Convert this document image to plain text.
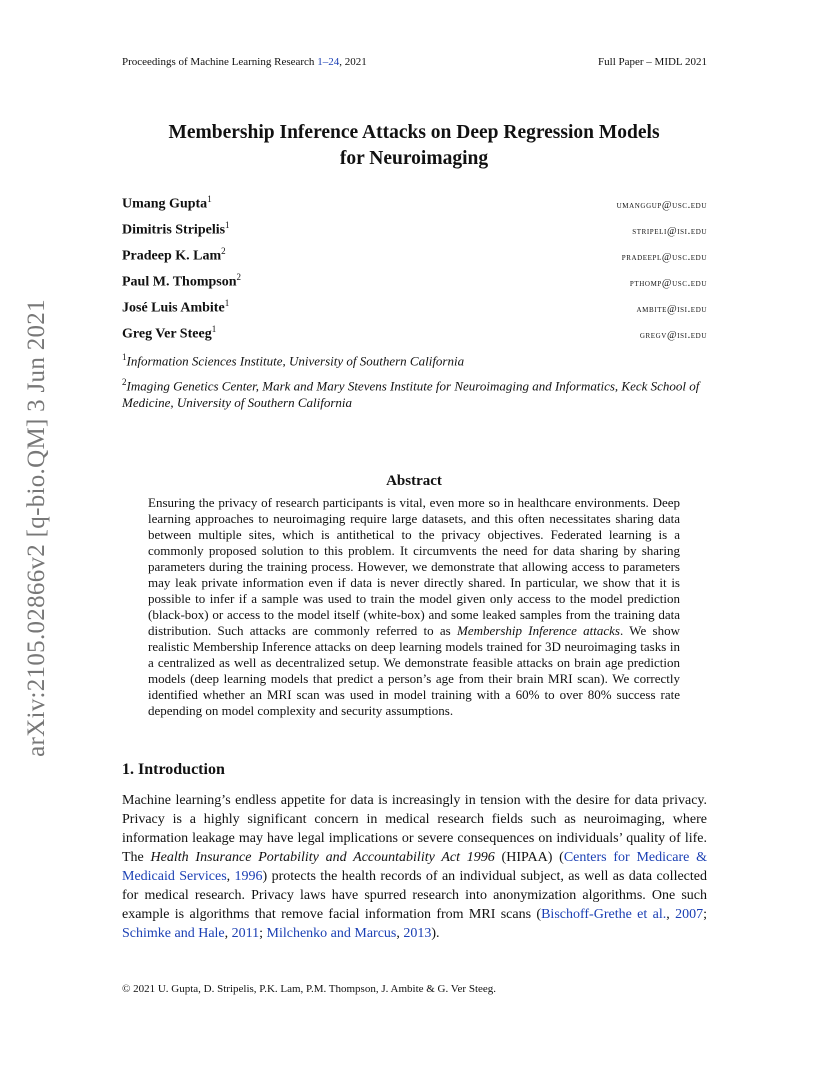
arXiv:2105.02866v2 [q-bio.QM] 3 Jun 2021
Proceedings of Machine Learning Research 1–24, 2021	Full Paper – MIDL 2021
Membership Inference Attacks on Deep Regression Models
for Neuroimaging
Umang Gupta$^1$
umanggup@usc.edu
Dimitris Stripelis$^1$
stripeli@isi.edu
Pradeep K. Lam$^2$
pradeepl@usc.edu
Paul M. Thompson$^2$
pthomp@usc.edu
José Luis Ambite$^1$
ambite@isi.edu
Greg Ver Steeg$^1$
gregv@isi.edu
$^1$Information Sciences Institute, University of Southern California
$^2$Imaging Genetics Center, Mark and Mary Stevens Institute for Neuroimaging and Informatics, Keck School of Medicine, University of Southern California
Abstract
Ensuring the privacy of research participants is vital, even more so in healthcare environments. Deep learning approaches to neuroimaging require large datasets, and this often necessitates sharing data between multiple sites, which is antithetical to the privacy objectives. Federated learning is a commonly proposed solution to this problem. It circumvents the need for data sharing by sharing parameters during the training process. However, we demonstrate that allowing access to parameters may leak private information even if data is never directly shared. In particular, we show that it is possible to infer if a sample was used to train the model given only access to the model prediction (black-box) or access to the model itself (white-box) and some leaked samples from the training data distribution. Such attacks are commonly referred to as Membership Inference attacks. We show realistic Membership Inference attacks on deep learning models trained for 3D neuroimaging tasks in a centralized as well as decentralized setup. We demonstrate feasible attacks on brain age prediction models (deep learning models that predict a person’s age from their brain MRI scan). We correctly identified whether an MRI scan was used in model training with a 60% to over 80% success rate depending on model complexity and security assumptions.
1. Introduction
Machine learning’s endless appetite for data is increasingly in tension with the desire for data privacy. Privacy is a highly significant concern in medical research fields such as neuroimaging, where information leakage may have legal implications or severe consequences on individuals’ quality of life. The Health Insurance Portability and Accountability Act 1996 (HIPAA) (Centers for Medicare & Medicaid Services, 1996) protects the health records of an individual subject, as well as data collected for medical research. Privacy laws have spurred research into anonymization algorithms. One such example is algorithms that remove facial information from MRI scans (Bischoff-Grethe et al., 2007; Schimke and Hale, 2011; Milchenko and Marcus, 2013).
© 2021 U. Gupta, D. Stripelis, P.K. Lam, P.M. Thompson, J. Ambite & G. Ver Steeg.
